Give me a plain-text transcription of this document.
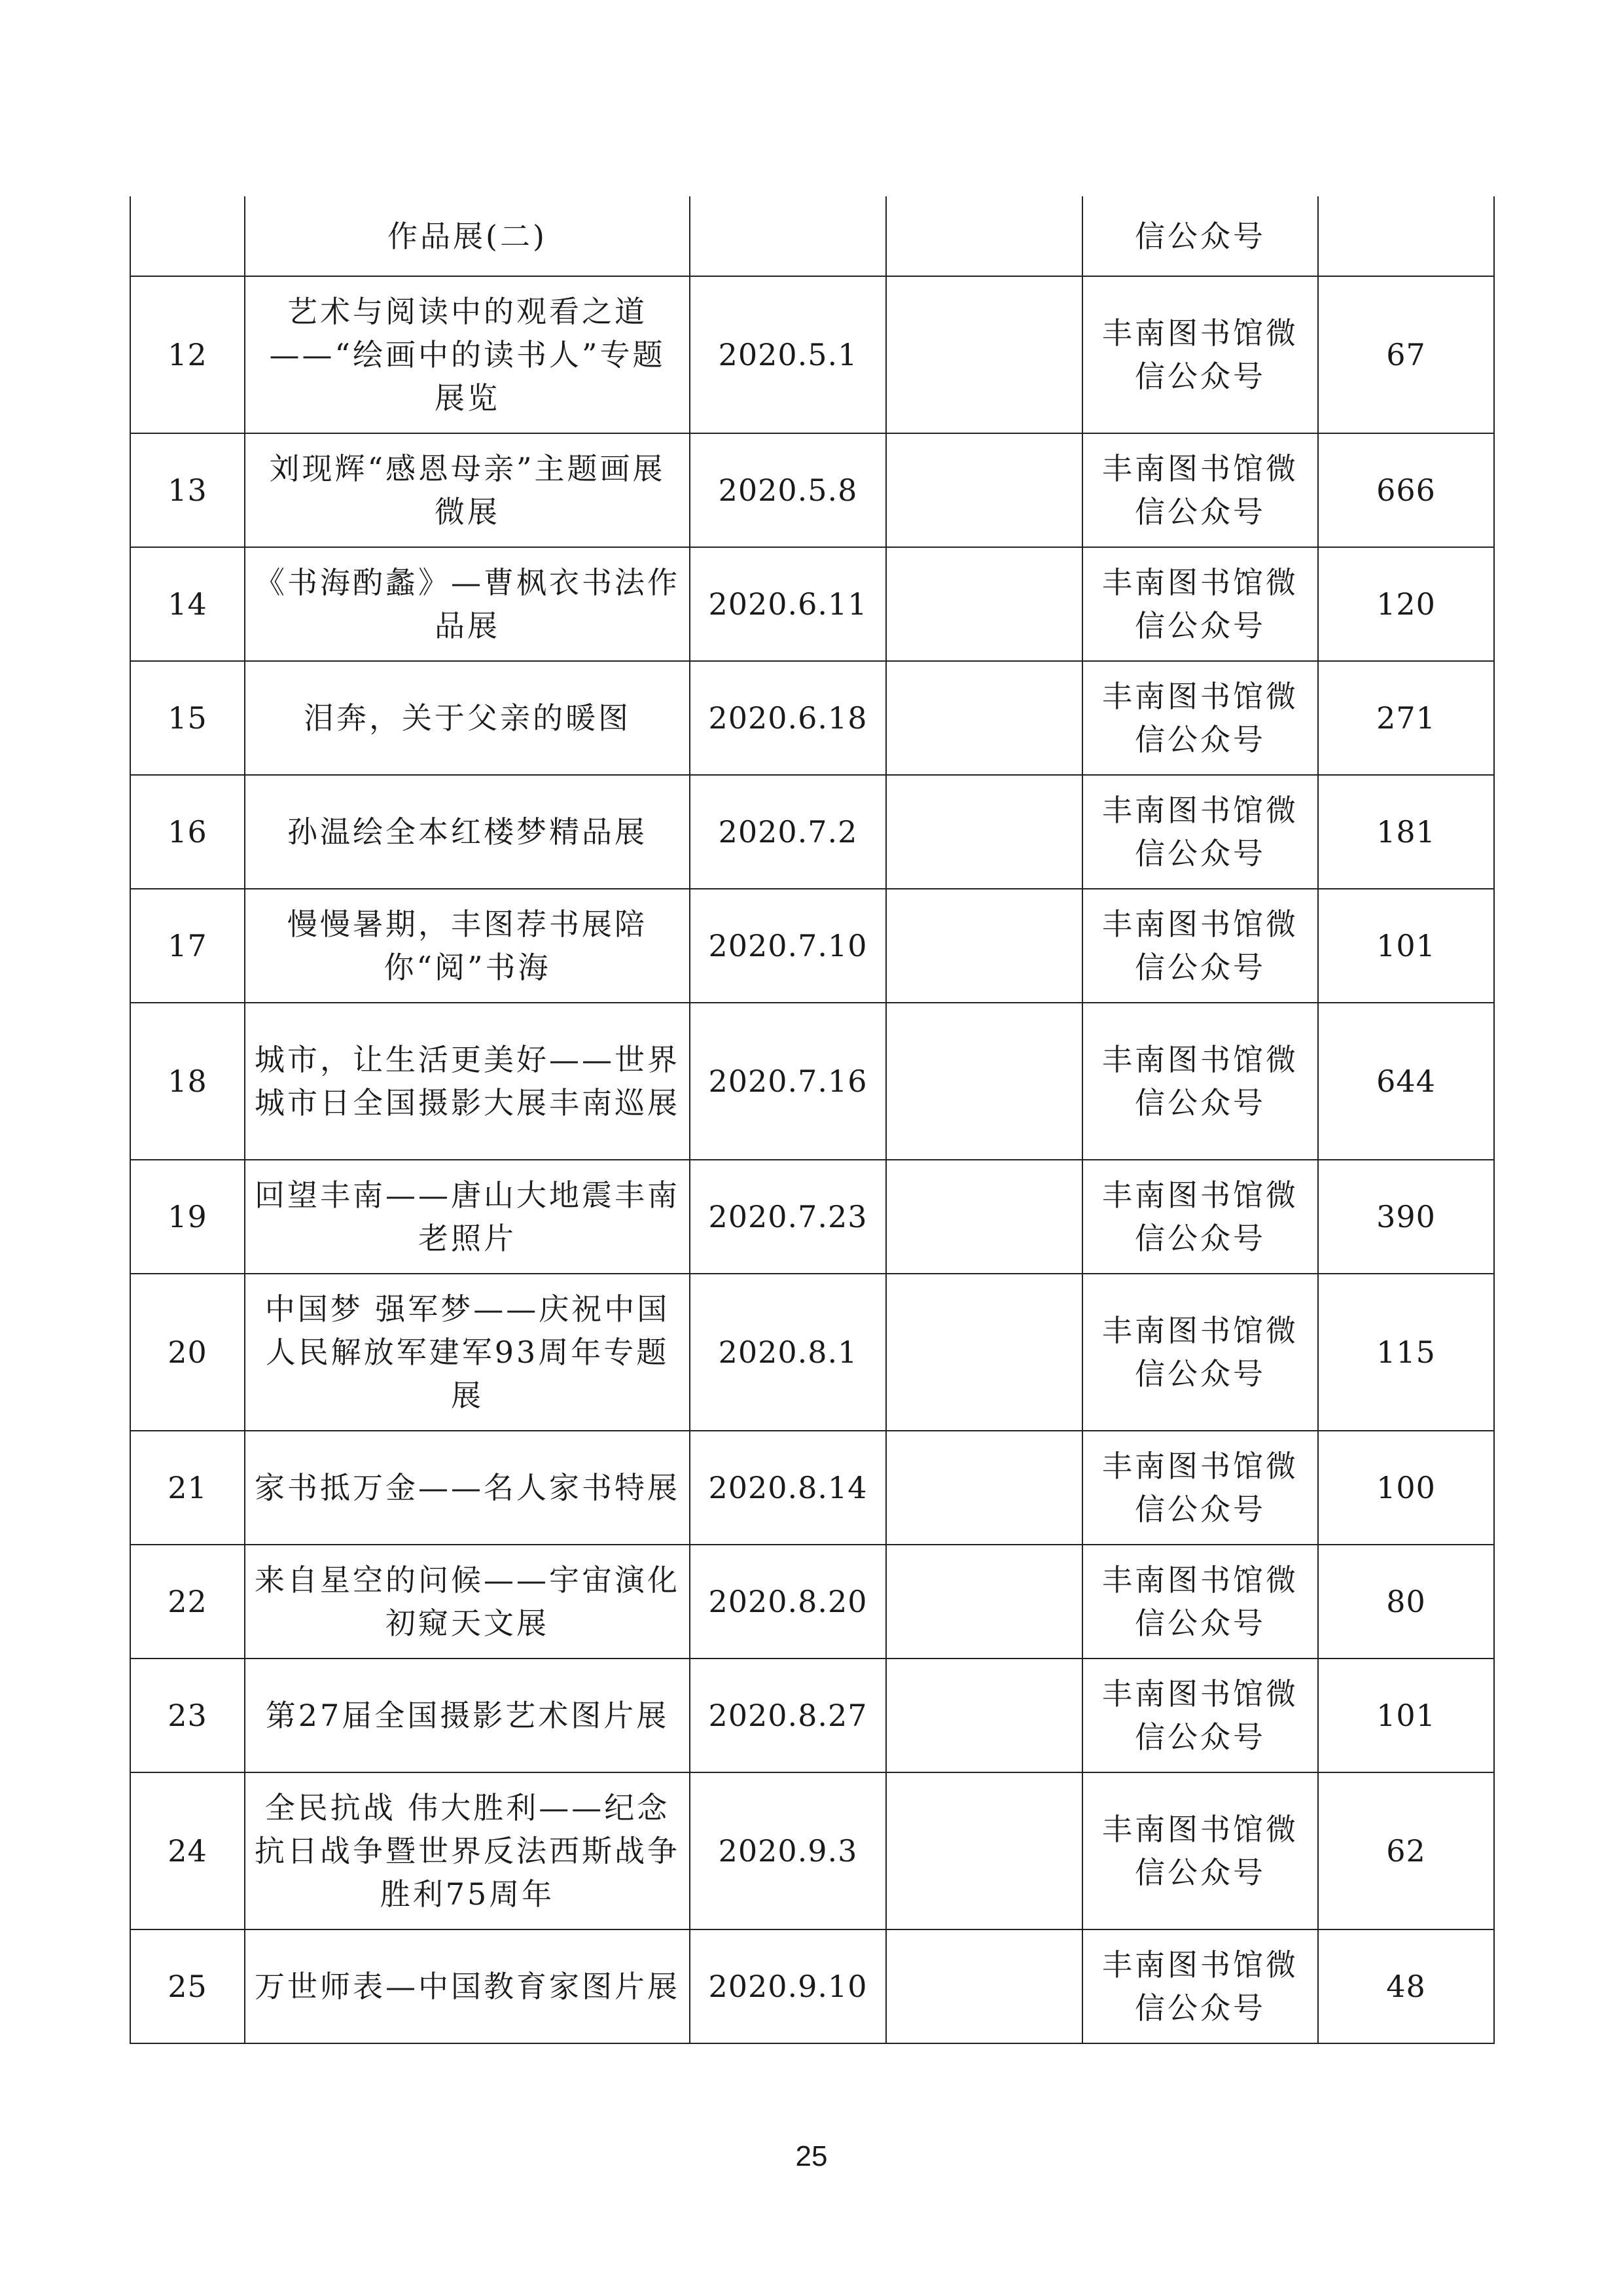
	作品展(二)			信公众号	
12	艺术与阅读中的观看之道——“绘画中的读书人”专题展览	2020.5.1		丰南图书馆微信公众号	67
13	刘现辉“感恩母亲”主题画展微展	2020.5.8		丰南图书馆微信公众号	666
14	《书海酌蠡》—曹枫衣书法作品展	2020.6.11		丰南图书馆微信公众号	120
15	泪奔，关于父亲的暖图	2020.6.18		丰南图书馆微信公众号	271
16	孙温绘全本红楼梦精品展	2020.7.2		丰南图书馆微信公众号	181
17	慢慢暑期，丰图荐书展陪你“阅”书海	2020.7.10		丰南图书馆微信公众号	101
18	城市，让生活更美好——世界城市日全国摄影大展丰南巡展	2020.7.16		丰南图书馆微信公众号	644
19	回望丰南——唐山大地震丰南老照片	2020.7.23		丰南图书馆微信公众号	390
20	中国梦 强军梦——庆祝中国人民解放军建军93周年专题展	2020.8.1		丰南图书馆微信公众号	115
21	家书抵万金——名人家书特展	2020.8.14		丰南图书馆微信公众号	100
22	来自星空的问候——宇宙演化初窥天文展	2020.8.20		丰南图书馆微信公众号	80
23	第27届全国摄影艺术图片展	2020.8.27		丰南图书馆微信公众号	101
24	全民抗战 伟大胜利——纪念抗日战争暨世界反法西斯战争胜利75周年	2020.9.3		丰南图书馆微信公众号	62
25	万世师表—中国教育家图片展	2020.9.10		丰南图书馆微信公众号	48
25
